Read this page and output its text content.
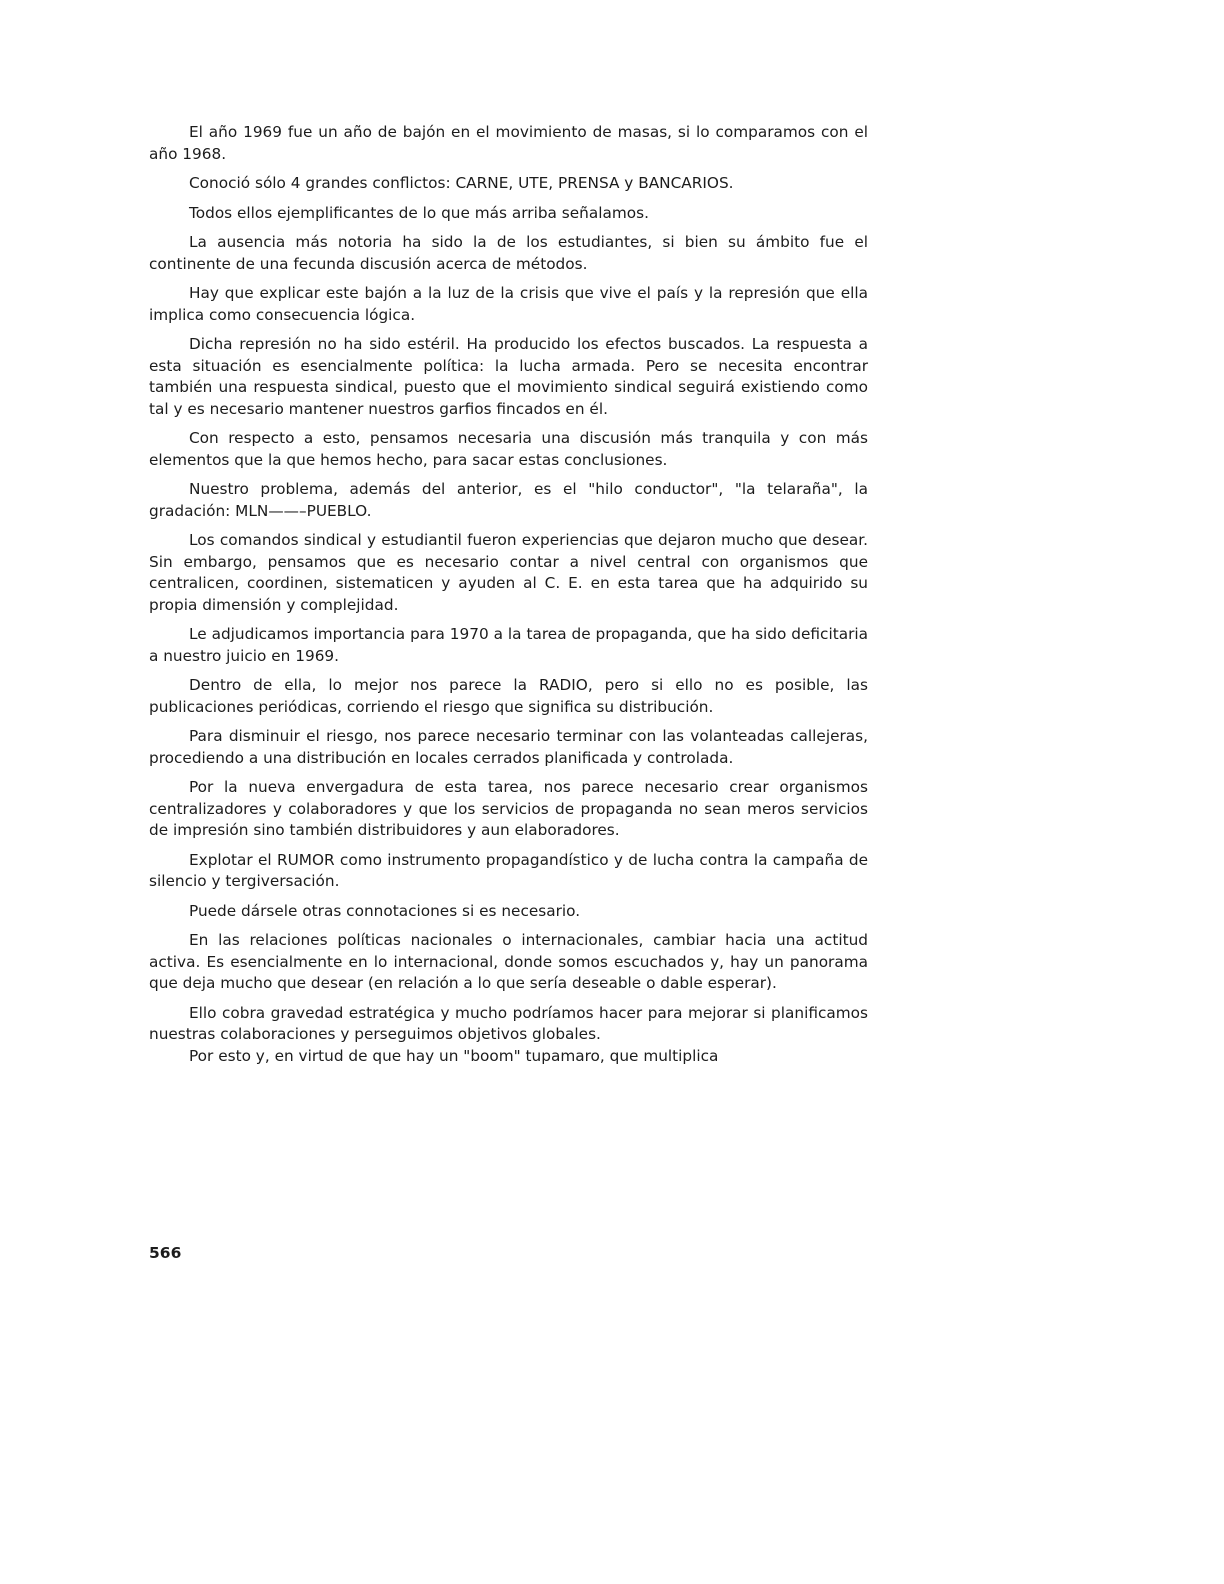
El año 1969 fue un año de bajón en el movimiento de masas, si lo comparamos con el año 1968.

Conoció sólo 4 grandes conflictos: CARNE, UTE, PRENSA y BANCARIOS.

Todos ellos ejemplificantes de lo que más arriba señalamos.

La ausencia más notoria ha sido la de los estudiantes, si bien su ámbito fue el continente de una fecunda discusión acerca de métodos.

Hay que explicar este bajón a la luz de la crisis que vive el país y la represión que ella implica como consecuencia lógica.

Dicha represión no ha sido estéril. Ha producido los efectos buscados. La respuesta a esta situación es esencialmente política: la lucha armada. Pero se necesita encontrar también una respuesta sindical, puesto que el movimiento sindical seguirá existiendo como tal y es necesario mantener nuestros garfios fincados en él.

Con respecto a esto, pensamos necesaria una discusión más tranquila y con más elementos que la que hemos hecho, para sacar estas conclusiones.

Nuestro problema, además del anterior, es el "hilo conductor", "la telaraña", la gradación: MLN——–PUEBLO.

Los comandos sindical y estudiantil fueron experiencias que dejaron mucho que desear. Sin embargo, pensamos que es necesario contar a nivel central con organismos que centralicen, coordinen, sistematicen y ayuden al C. E. en esta tarea que ha adquirido su propia dimensión y complejidad.

Le adjudicamos importancia para 1970 a la tarea de propaganda, que ha sido deficitaria a nuestro juicio en 1969.

Dentro de ella, lo mejor nos parece la RADIO, pero si ello no es posible, las publicaciones periódicas, corriendo el riesgo que significa su distribución.

Para disminuir el riesgo, nos parece necesario terminar con las volanteadas callejeras, procediendo a una distribución en locales cerrados planificada y controlada.

Por la nueva envergadura de esta tarea, nos parece necesario crear organismos centralizadores y colaboradores y que los servicios de propaganda no sean meros servicios de impresión sino también distribuidores y aun elaboradores.

Explotar el RUMOR como instrumento propagandístico y de lucha contra la campaña de silencio y tergiversación.

Puede dársele otras connotaciones si es necesario.

En las relaciones políticas nacionales o internacionales, cambiar hacia una actitud activa. Es esencialmente en lo internacional, donde somos escuchados y, hay un panorama que deja mucho que desear (en relación a lo que sería deseable o dable esperar).

Ello cobra gravedad estratégica y mucho podríamos hacer para mejorar si planificamos nuestras colaboraciones y perseguimos objetivos globales.

Por esto y, en virtud de que hay un "boom" tupamaro, que multiplica

566
